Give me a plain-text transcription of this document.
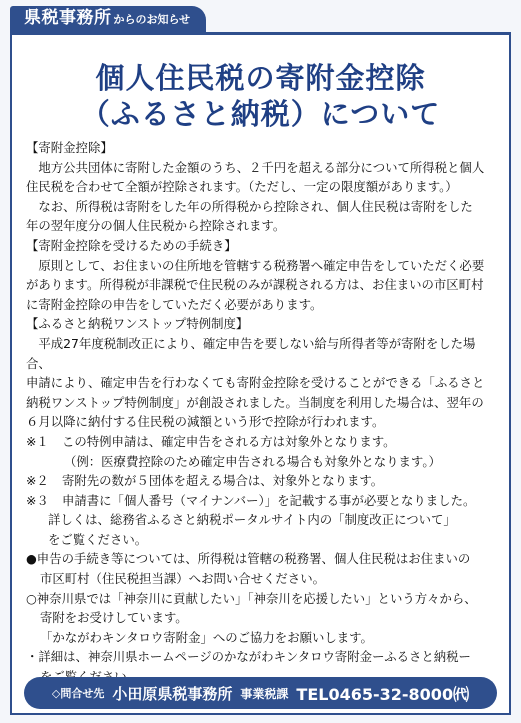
県税事務所 からのお知らせ
個人住民税の寄附金控除
（ふるさと納税）について

【寄附金控除】

地方公共団体に寄附した金額のうち、２千円を超える部分について所得税と個人

住民税を合わせて全額が控除されます。（ただし、一定の限度額があります。）

なお、所得税は寄附をした年の所得税から控除され、個人住民税は寄附をした

年の翌年度分の個人住民税から控除されます。

【寄附金控除を受けるための手続き】

原則として、お住まいの住所地を管轄する税務署へ確定申告をしていただく必要

があります。所得税が非課税で住民税のみが課税される方は、お住まいの市区町村

に寄附金控除の申告をしていただく必要があります。

【ふるさと納税ワンストップ特例制度】

平成27年度税制改正により、確定申告を要しない給与所得者等が寄附をした場合、

申請により、確定申告を行わなくても寄附金控除を受けることができる「ふるさと

納税ワンストップ特例制度」が創設されました。当制度を利用した場合は、翌年の

６月以降に納付する住民税の減額という形で控除が行われます。

※１	この特例申請は、確定申告をされる方は対象外となります。

（例：医療費控除のため確定申告される場合も対象外となります。）

※２	寄附先の数が５団体を超える場合は、対象外となります。
※３	申請書に「個人番号（マイナンバー）」を記載する事が必要となりました。

詳しくは、総務省ふるさと納税ポータルサイト内の「制度改正について」

をご覧ください。

●申告の手続き等については、所得税は管轄の税務署、個人住民税はお住まいの

市区町村（住民税担当課）へお問い合せください。

○神奈川県では「神奈川に貢献したい」「神奈川を応援したい」という方々から、

寄附をお受けしています。

「かながわキンタロウ寄附金」へのご協力をお願いします。

・詳細は、神奈川県ホームページのかながわキンタロウ寄附金ーふるさと納税ー

◇問合せ先 小田原県税事務所 事業税課 TEL0465-32-8000㈹
